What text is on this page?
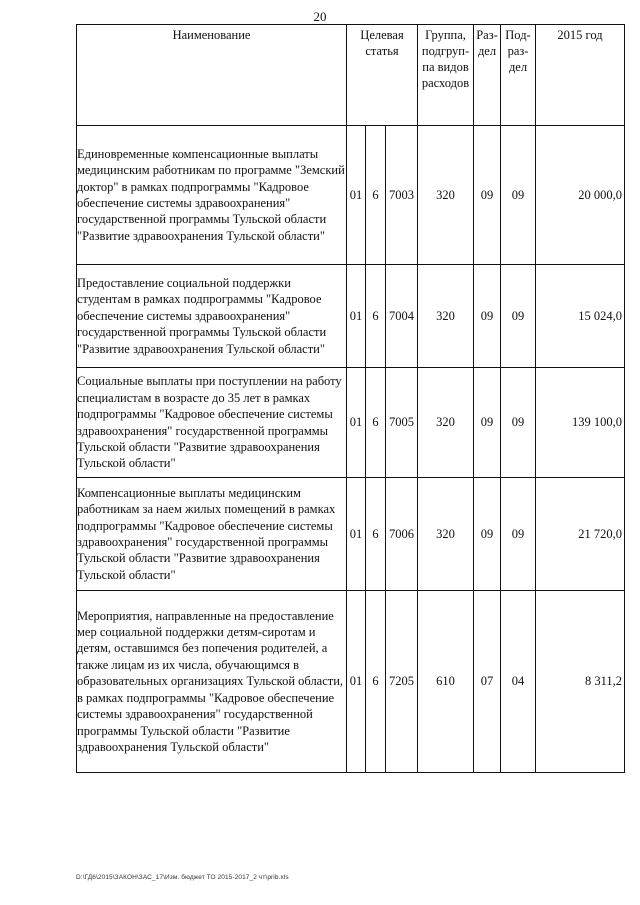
20
Наименование	Целевая статья			Группа, подгруп-па видов расходов	Раз-дел	Под-раз-дел	2015 год
Единовременные компенсационные выплаты медицинским работникам по программе "Земский доктор" в рамках подпрограммы "Кадровое обеспечение системы здравоохранения" государственной программы Тульской области "Развитие здравоохранения Тульской области"	01	6	7003	320	09	09	20 000,0
Предоставление социальной поддержки студентам в рамках подпрограммы "Кадровое обеспечение системы здравоохранения" государственной программы Тульской области "Развитие здравоохранения Тульской области"	01	6	7004	320	09	09	15 024,0
Социальные выплаты при поступлении на работу специалистам в возрасте до 35 лет в рамках подпрограммы "Кадровое обеспечение системы здравоохранения" государственной программы Тульской области "Развитие здравоохранения Тульской области"	01	6	7005	320	09	09	139 100,0
Компенсационные выплаты медицинским работникам за наем жилых помещений в рамках подпрограммы "Кадровое обеспечение системы здравоохранения" государственной программы Тульской области "Развитие здравоохранения Тульской области"	01	6	7006	320	09	09	21 720,0
Мероприятия, направленные на предоставление мер социальной поддержки детям-сиротам и детям, оставшимся без попечения родителей, а также лицам из их числа, обучающимся в образовательных организациях Тульской области, в рамках подпрограммы "Кадровое обеспечение системы здравоохранения" государственной программы Тульской области "Развитие здравоохранения Тульской области"	01	6	7205	610	07	04	8 311,2
D:\ГД6\2015\ЗАКОН\ЗАС_17\Изм. бюджет ТО 2015-2017_2 чт\prib.xls
